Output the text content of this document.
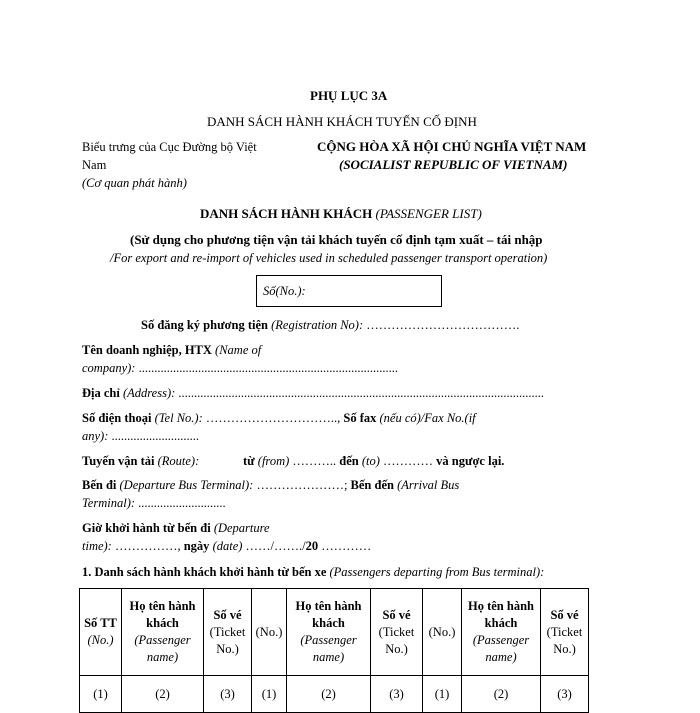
PHỤ LỤC 3A
DANH SÁCH HÀNH KHÁCH TUYẾN CỐ ĐỊNH
Biểu trưng của Cục Đường bộ Việt
Nam
(Cơ quan phát hành)
CỘNG HÒA XÃ HỘI CHỦ NGHĨA VIỆT NAM
(SOCIALIST REPUBLIC OF VIETNAM)
DANH SÁCH HÀNH KHÁCH (PASSENGER LIST)
(Sử dụng cho phương tiện vận tải khách tuyến cố định tạm xuất – tái nhập
/For export and re-import of vehicles used in scheduled passenger transport operation)
Số(No.):
Số đăng ký phương tiện (Registration No): ……………………………….
Tên doanh nghiệp, HTX (Name of
company): ...................................................................................
Địa chỉ (Address): .....................................................................................................................
Số điện thoại (Tel No.): ………………………….., Số fax (nếu có)/Fax No.(if
any): ............................
Tuyến vận tải (Route):	từ (from) ……….. đến (to) ………… và ngược lại.
Bến đi (Departure Bus Terminal): …………………; Bến đến (Arrival Bus
Terminal): ............................
Giờ khởi hành từ bến đi (Departure
time): ……………, ngày (date) ……/……./20 …………
1. Danh sách hành khách khởi hành từ bến xe (Passengers departing from Bus terminal):
Số TT
(No.)	Họ tên hành
khách
(Passenger
name)	Số vé
(Ticket
No.)	(No.)	Họ tên hành
khách
(Passenger
name)	Số vé
(Ticket
No.)	(No.)	Họ tên hành
khách
(Passenger
name)	Số vé
(Ticket
No.)
(1)	(2)	(3)	(1)	(2)	(3)	(1)	(2)	(3)
